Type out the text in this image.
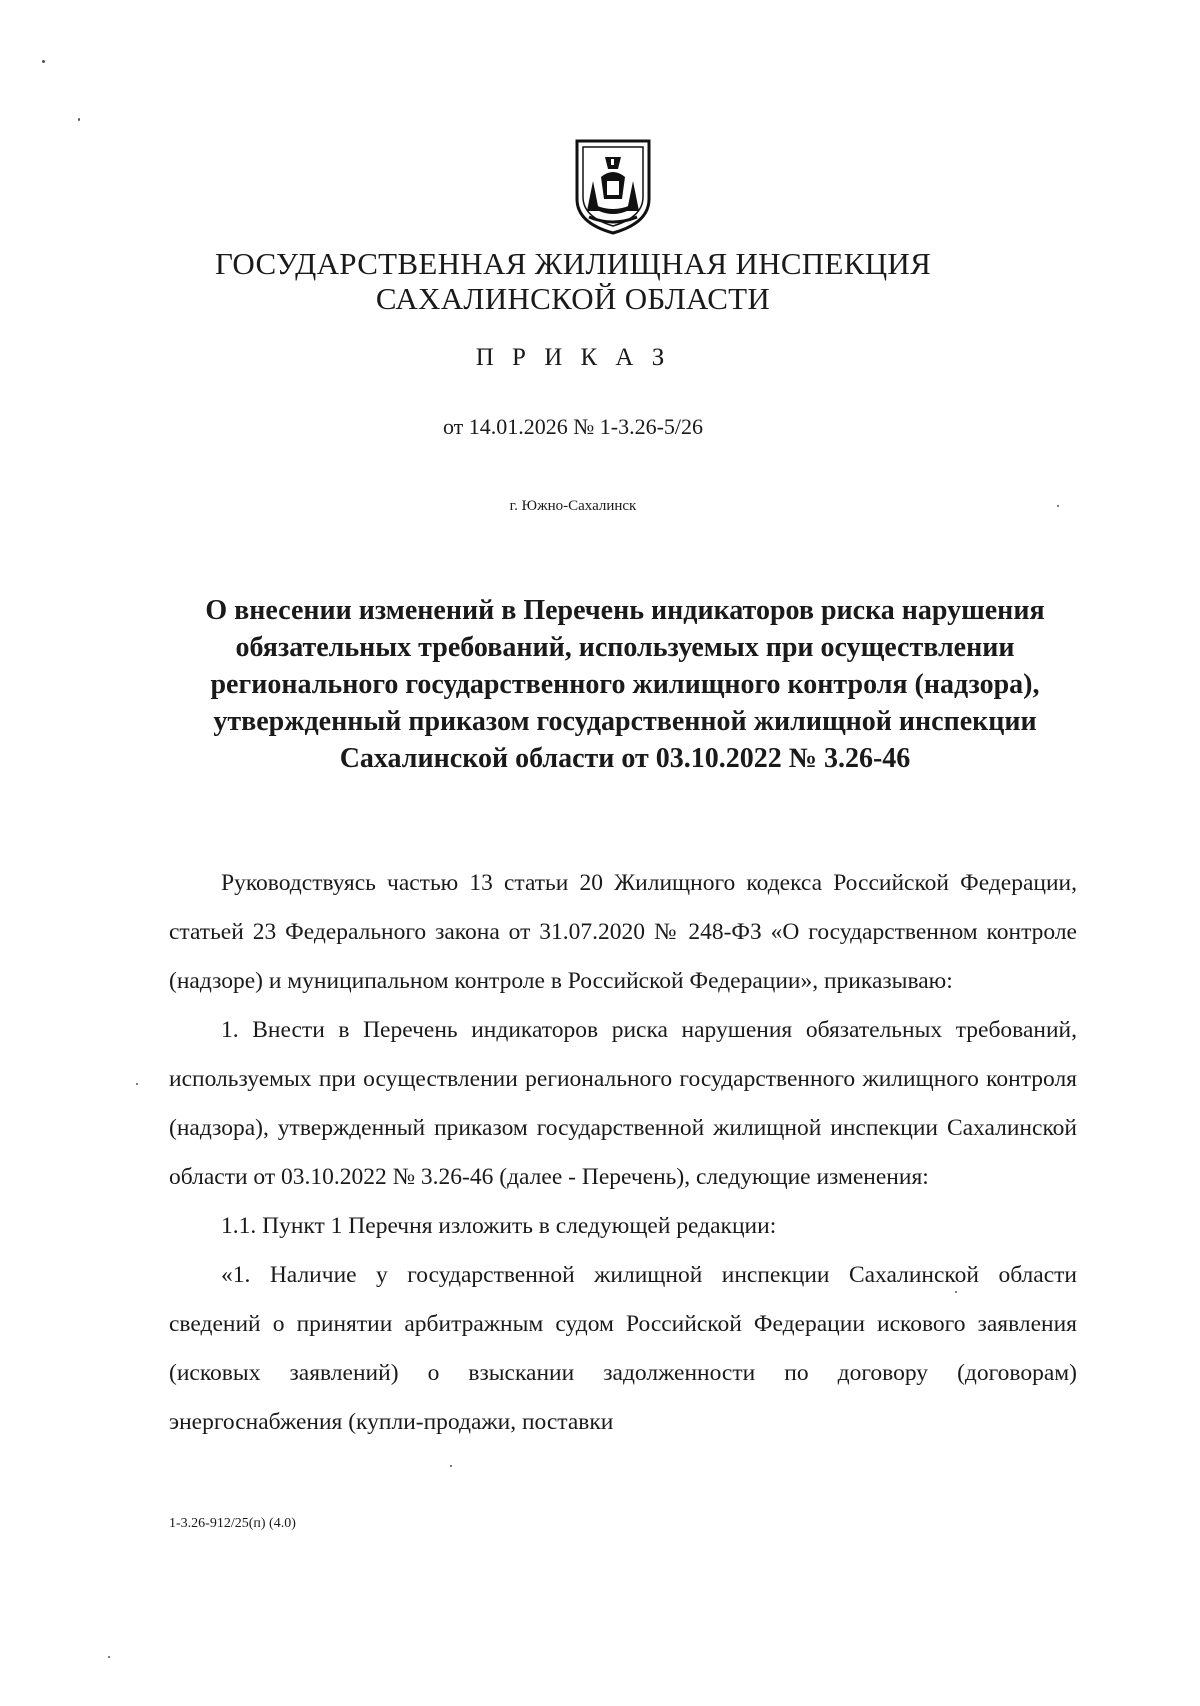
ГОСУДАРСТВЕННАЯ ЖИЛИЩНАЯ ИНСПЕКЦИЯ
САХАЛИНСКОЙ ОБЛАСТИ
П Р И К А З
от 14.01.2026 № 1-3.26-5/26
г. Южно-Сахалинск
О внесении изменений в Перечень индикаторов риска нарушения обязательных требований, используемых при осуществлении регионального государственного жилищного контроля (надзора), утвержденный приказом государственной жилищной инспекции Сахалинской области от 03.10.2022 № 3.26-46

Руководствуясь частью 13 статьи 20 Жилищного кодекса Российской Федерации, статьей 23 Федерального закона от 31.07.2020 № 248-ФЗ «О государственном контроле (надзоре) и муниципальном контроле в Российской Федерации», приказываю:

1. Внести в Перечень индикаторов риска нарушения обязательных требований, используемых при осуществлении регионального государственного жилищного контроля (надзора), утвержденный приказом государственной жилищной инспекции Сахалинской области от 03.10.2022 № 3.26-46 (далее - Перечень), следующие изменения:

1.1. Пункт 1 Перечня изложить в следующей редакции:

«1. Наличие у государственной жилищной инспекции Сахалинской области сведений о принятии арбитражным судом Российской Федерации искового заявления (исковых заявлений) о взыскании задолженности по договору (договорам) энергоснабжения (купли-продажи, поставки

1-3.26-912/25(п) (4.0)
